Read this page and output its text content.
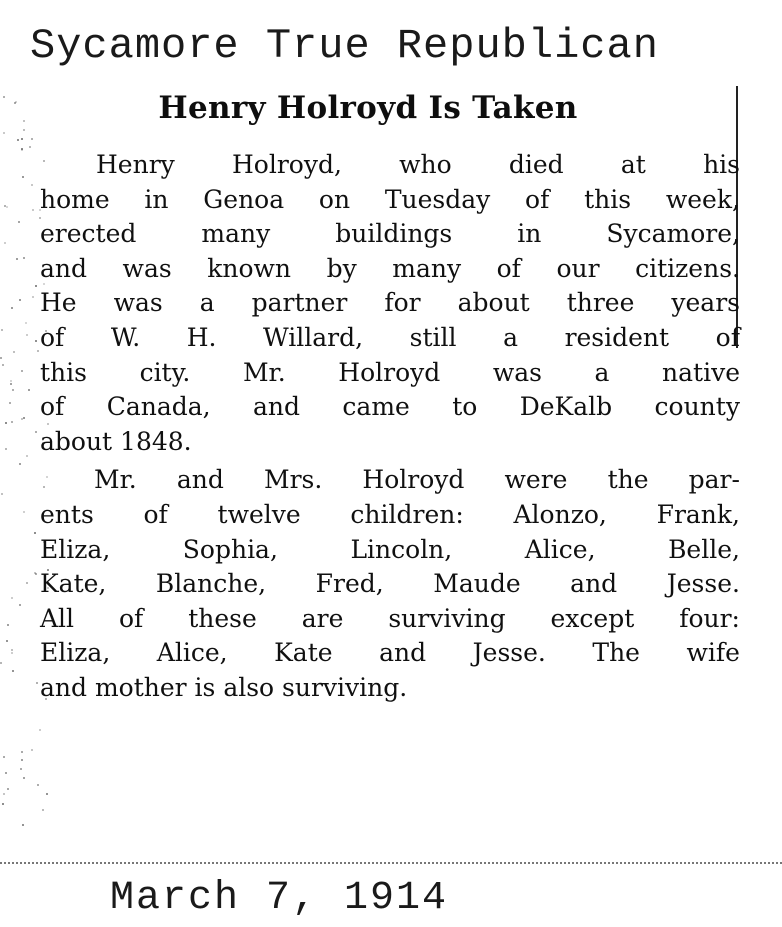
Sycamore True Republican
Henry Holroyd Is Taken
Henry Holroyd, who died at his
home in Genoa on Tuesday of this week,
erected	many	buildings	in	Sycamore,
and was known by many of our citizens.
He was a partner for about three years
of W. H. Willard, still a resident of
this city. Mr. Holroyd was a native
of Canada, and came to DeKalb county
about 1848.
Mr. and Mrs. Holroyd were the par-
ents of twelve children: Alonzo, Frank,
Eliza,	Sophia,	Lincoln,	Alice,	Belle,
Kate, Blanche, Fred, Maude and Jesse.
All of these are surviving except four:
Eliza, Alice, Kate and Jesse. The wife
and mother is also surviving.
March 7, 1914
